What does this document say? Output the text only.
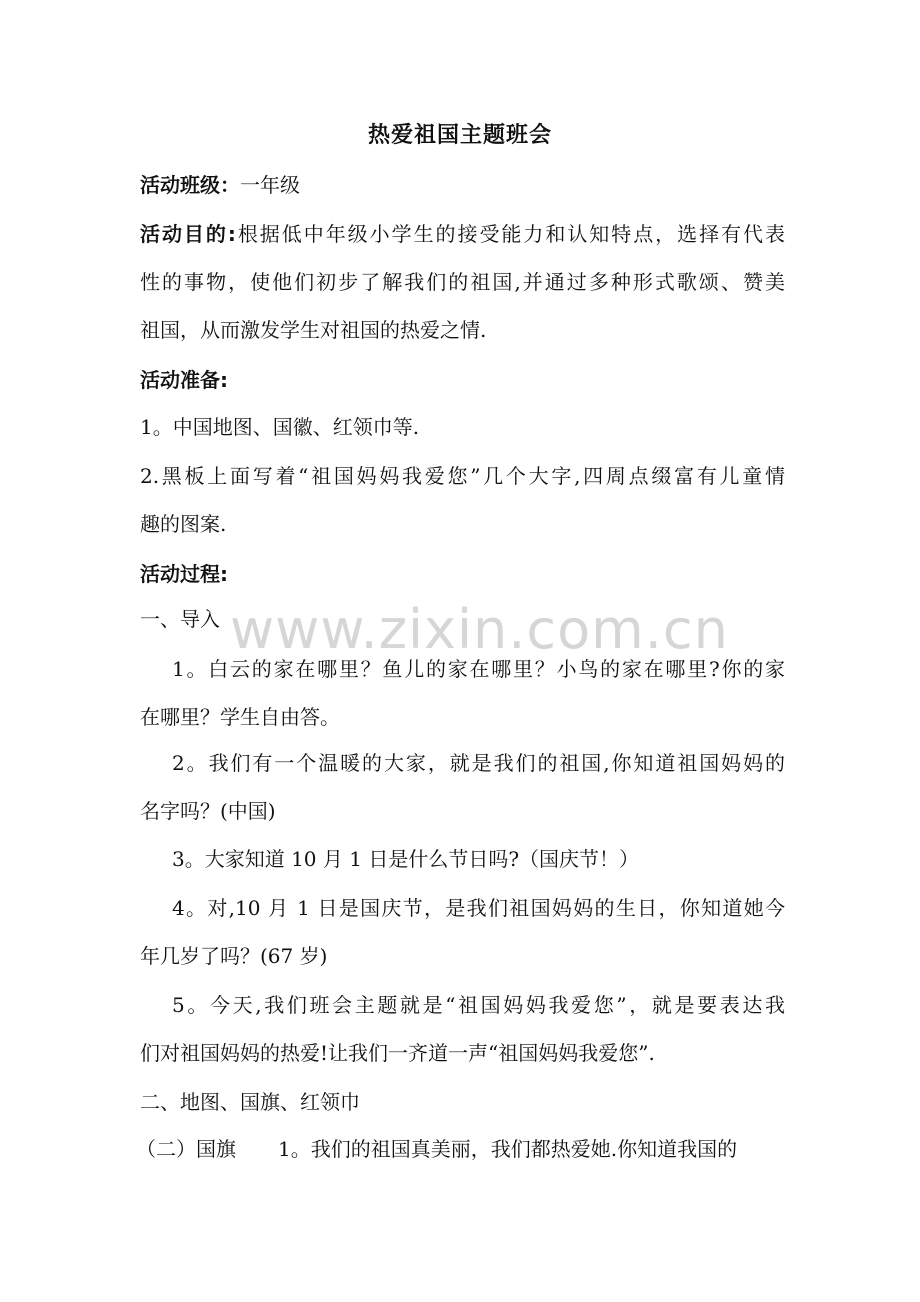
热爱祖国主题班会
活动班级：一年级
活动目的:根据低中年级小学生的接受能力和认知特点，选择有代表
性的事物，使他们初步了解我们的祖国,并通过多种形式歌颂、赞美
祖国，从而激发学生对祖国的热爱之情.
活动准备:
1。中国地图、国徽、红领巾等.
2.黑板上面写着“祖国妈妈我爱您”几个大字,四周点缀富有儿童情
趣的图案.
活动过程:
一、导入
1。白云的家在哪里？鱼儿的家在哪里？小鸟的家在哪里?你的家
在哪里？学生自由答。
2。我们有一个温暖的大家，就是我们的祖国,你知道祖国妈妈的
名字吗？(中国)
3。大家知道 10 月 1 日是什么节日吗?（国庆节！）
4。对,10 月 1 日是国庆节，是我们祖国妈妈的生日，你知道她今
年几岁了吗？(67 岁)
5。今天,我们班会主题就是“祖国妈妈我爱您”，就是要表达我
们对祖国妈妈的热爱!让我们一齐道一声“祖国妈妈我爱您”.
二、地图、国旗、红领巾
（二）国旗 1。我们的祖国真美丽，我们都热爱她.你知道我国的
www.zixin.com.cn
